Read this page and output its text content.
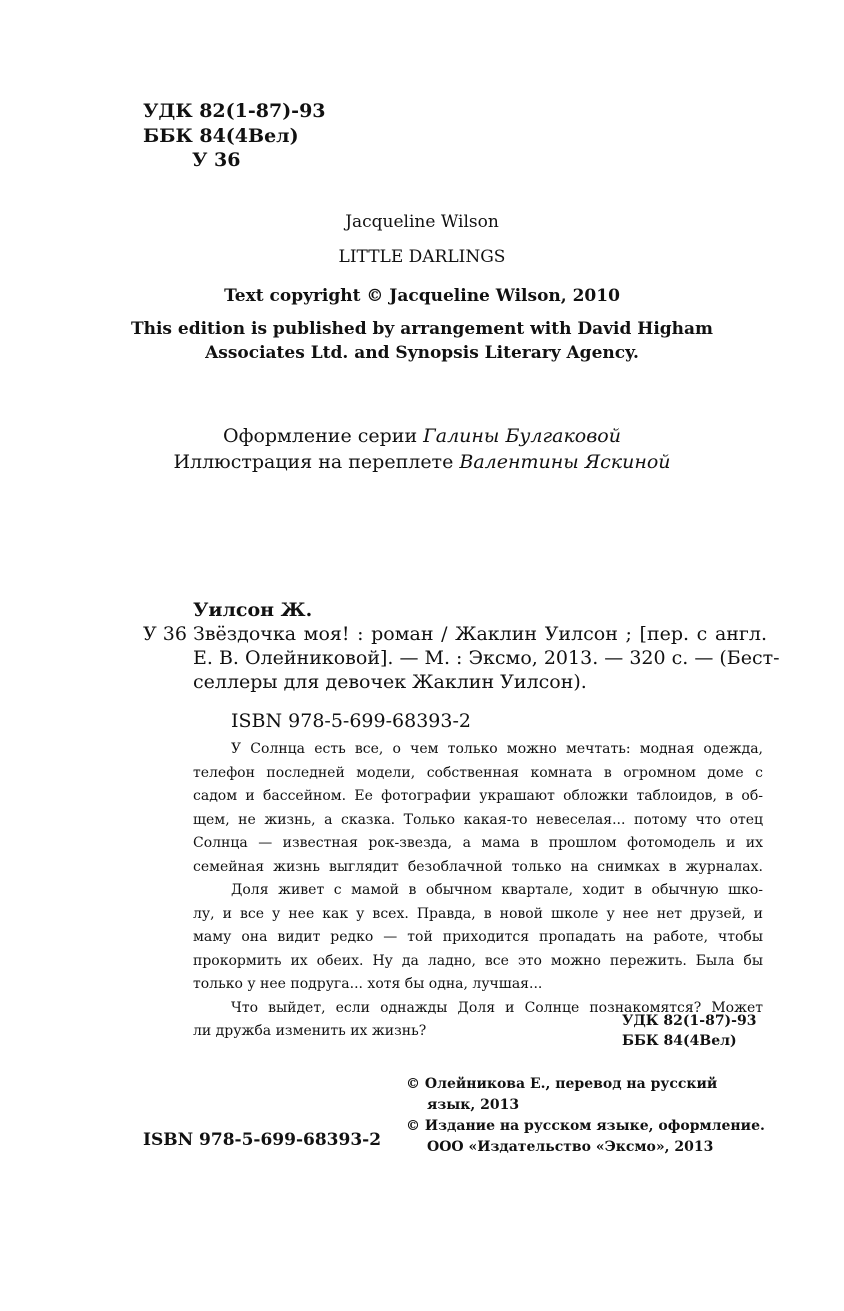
УДК 82(1-87)-93
ББК 84(4Вел)
У 36
Jacqueline Wilson
LITTLE DARLINGS
Text copyright © Jacqueline Wilson, 2010
This edition is published by arrangement with David Higham
Associates Ltd. and Synopsis Literary Agency.
Оформление серии Галины Булгаковой
Иллюстрация на переплете Валентины Яскиной
Уилсон Ж.
У 36 Звёздочка моя! : роман / Жаклин Уилсон ; [пер. с англ.
Е. В. Олейниковой]. — М. : Эксмо, 2013. — 320 с. — (Бест-
селлеры для девочек Жаклин Уилсон).
ISBN 978-5-699-68393-2
У Солнца есть все, о чем только можно мечтать: модная одежда,
телефон последней модели, собственная комната в огромном доме с
садом и бассейном. Ее фотографии украшают обложки таблоидов, в об-
щем, не жизнь, а сказка. Только какая-то невеселая... потому что отец
Солнца — известная рок-звезда, а мама в прошлом фотомодель и их
семейная жизнь выглядит безоблачной только на снимках в журналах.
Доля живет с мамой в обычном квартале, ходит в обычную шко-
лу, и все у нее как у всех. Правда, в новой школе у нее нет друзей, и
маму она видит редко — той приходится пропадать на работе, чтобы
прокормить их обеих. Ну да ладно, все это можно пережить. Была бы
только у нее подруга... хотя бы одна, лучшая...
Что выйдет, если однажды Доля и Солнце познакомятся? Может
ли дружба изменить их жизнь?
УДК 82(1-87)-93
ББК 84(4Вел)
© Олейникова Е., перевод на русский
язык, 2013
© Издание на русском языке, оформление.
ООО «Издательство «Эксмо», 2013
ISBN 978-5-699-68393-2
